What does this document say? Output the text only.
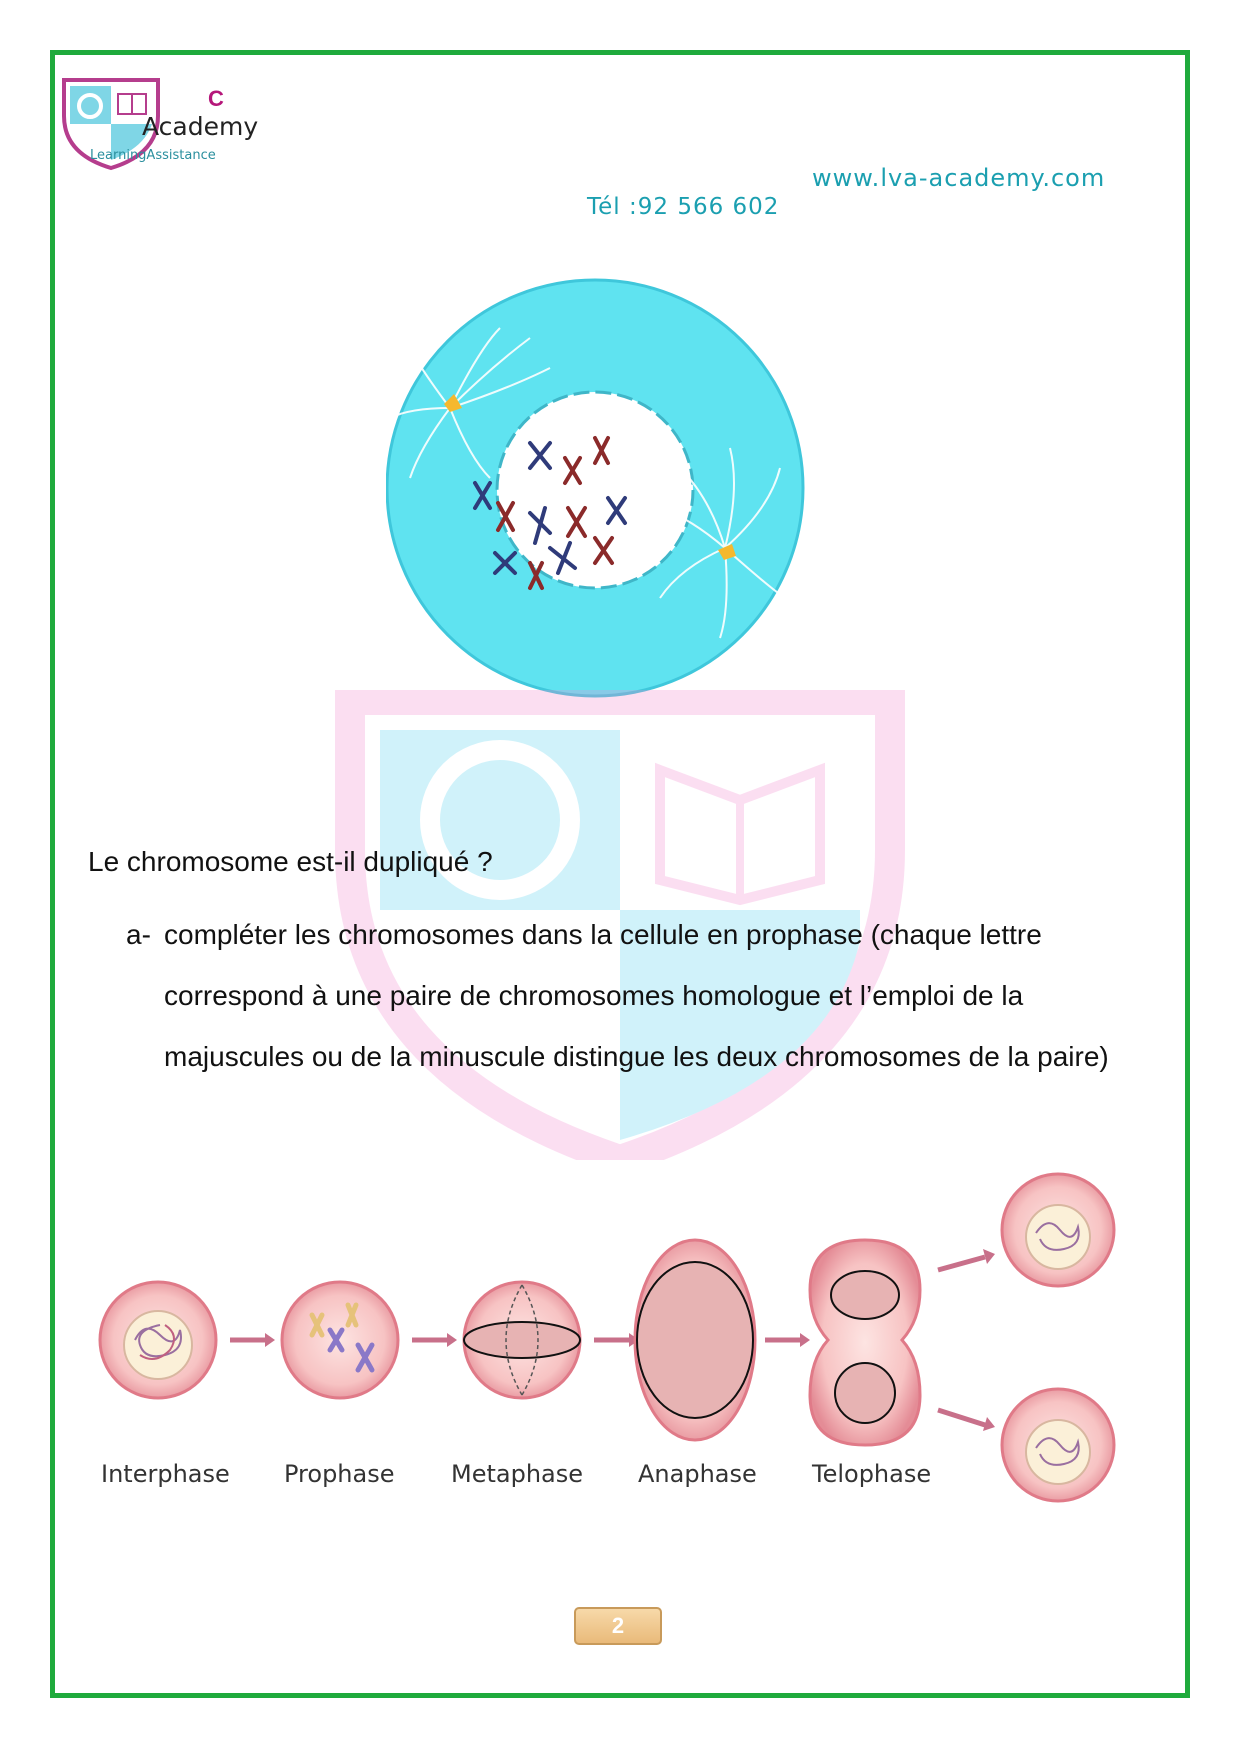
C
Academy
LearningAssistance
www.lva-academy.com
Tél :92 566 602
Le chromosome est-il dupliqué ?
a- compléter les chromosomes dans la cellule en prophase (chaque lettre correspond à une paire de chromosomes homologue et l’emploi de la majuscules ou de la minuscule distingue les deux chromosomes de la paire)
Interphase Prophase Metaphase Anaphase Telophase
2
